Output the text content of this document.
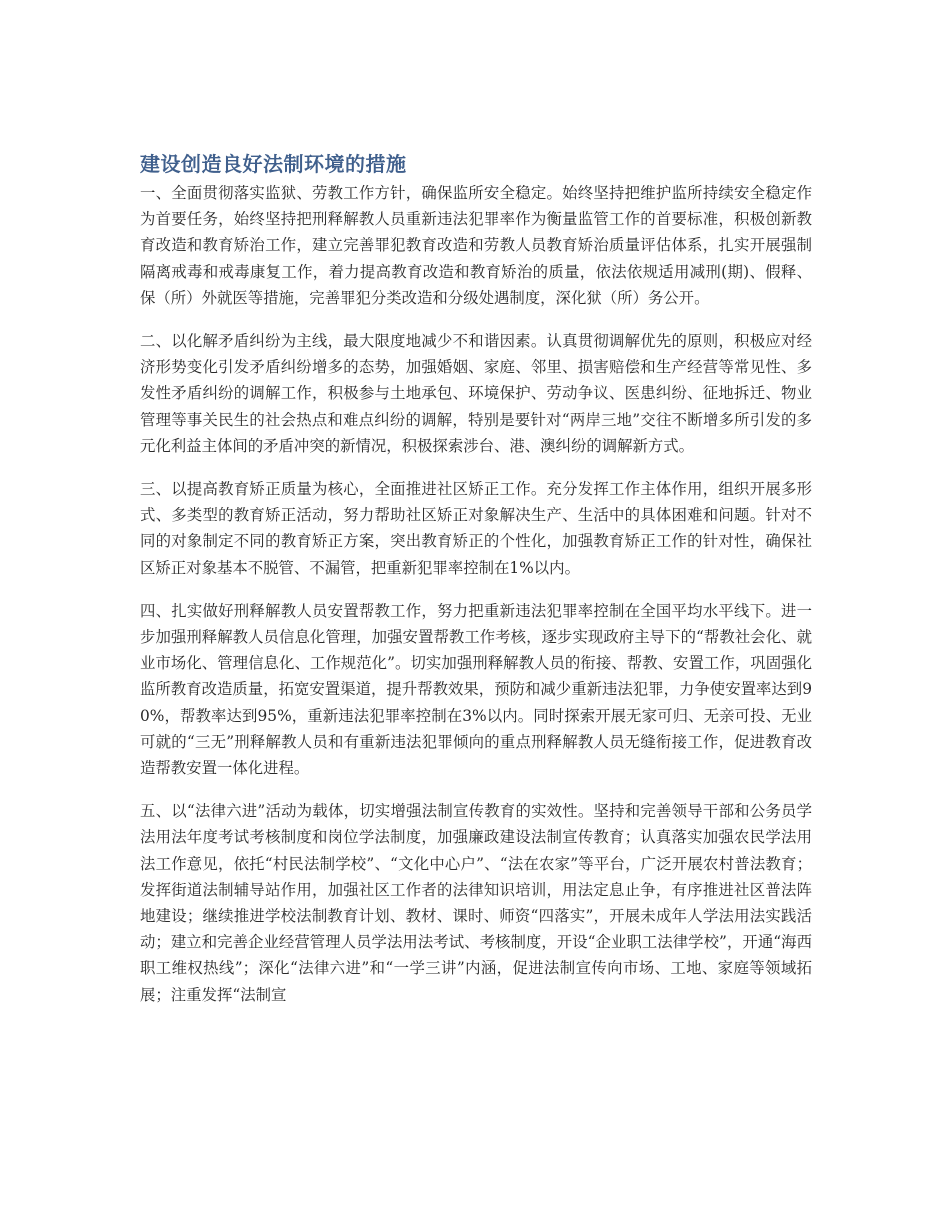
建设创造良好法制环境的措施

一、全面贯彻落实监狱、劳教工作方针，确保监所安全稳定。始终坚持把维护监所持续安全稳定作为首要任务，始终坚持把刑释解教人员重新违法犯罪率作为衡量监管工作的首要标准，积极创新教育改造和教育矫治工作，建立完善罪犯教育改造和劳教人员教育矫治质量评估体系，扎实开展强制隔离戒毒和戒毒康复工作，着力提高教育改造和教育矫治的质量，依法依规适用减刑(期)、假释、保（所）外就医等措施，完善罪犯分类改造和分级处遇制度，深化狱（所）务公开。

二、以化解矛盾纠纷为主线，最大限度地减少不和谐因素。认真贯彻调解优先的原则，积极应对经济形势变化引发矛盾纠纷增多的态势，加强婚姻、家庭、邻里、损害赔偿和生产经营等常见性、多发性矛盾纠纷的调解工作，积极参与土地承包、环境保护、劳动争议、医患纠纷、征地拆迁、物业管理等事关民生的社会热点和难点纠纷的调解，特别是要针对“两岸三地”交往不断增多所引发的多元化利益主体间的矛盾冲突的新情况，积极探索涉台、港、澳纠纷的调解新方式。

三、以提高教育矫正质量为核心，全面推进社区矫正工作。充分发挥工作主体作用，组织开展多形式、多类型的教育矫正活动，努力帮助社区矫正对象解决生产、生活中的具体困难和问题。针对不同的对象制定不同的教育矫正方案，突出教育矫正的个性化，加强教育矫正工作的针对性，确保社区矫正对象基本不脱管、不漏管，把重新犯罪率控制在1%以内。

四、扎实做好刑释解教人员安置帮教工作，努力把重新违法犯罪率控制在全国平均水平线下。进一步加强刑释解教人员信息化管理，加强安置帮教工作考核，逐步实现政府主导下的“帮教社会化、就业市场化、管理信息化、工作规范化”。切实加强刑释解教人员的衔接、帮教、安置工作，巩固强化监所教育改造质量，拓宽安置渠道，提升帮教效果，预防和减少重新违法犯罪，力争使安置率达到90%，帮教率达到95%，重新违法犯罪率控制在3%以内。同时探索开展无家可归、无亲可投、无业可就的“三无”刑释解教人员和有重新违法犯罪倾向的重点刑释解教人员无缝衔接工作，促进教育改造帮教安置一体化进程。

五、以“法律六进”活动为载体，切实增强法制宣传教育的实效性。坚持和完善领导干部和公务员学法用法年度考试考核制度和岗位学法制度，加强廉政建设法制宣传教育；认真落实加强农民学法用法工作意见，依托“村民法制学校”、“文化中心户”、“法在农家”等平台，广泛开展农村普法教育；发挥街道法制辅导站作用，加强社区工作者的法律知识培训，用法定息止争，有序推进社区普法阵地建设；继续推进学校法制教育计划、教材、课时、师资“四落实”，开展未成年人学法用法实践活动；建立和完善企业经营管理人员学法用法考试、考核制度，开设“企业职工法律学校”，开通“海西职工维权热线”；深化“法律六进”和“一学三讲”内涵，促进法制宣传向市场、工地、家庭等领域拓展；注重发挥“法制宣
